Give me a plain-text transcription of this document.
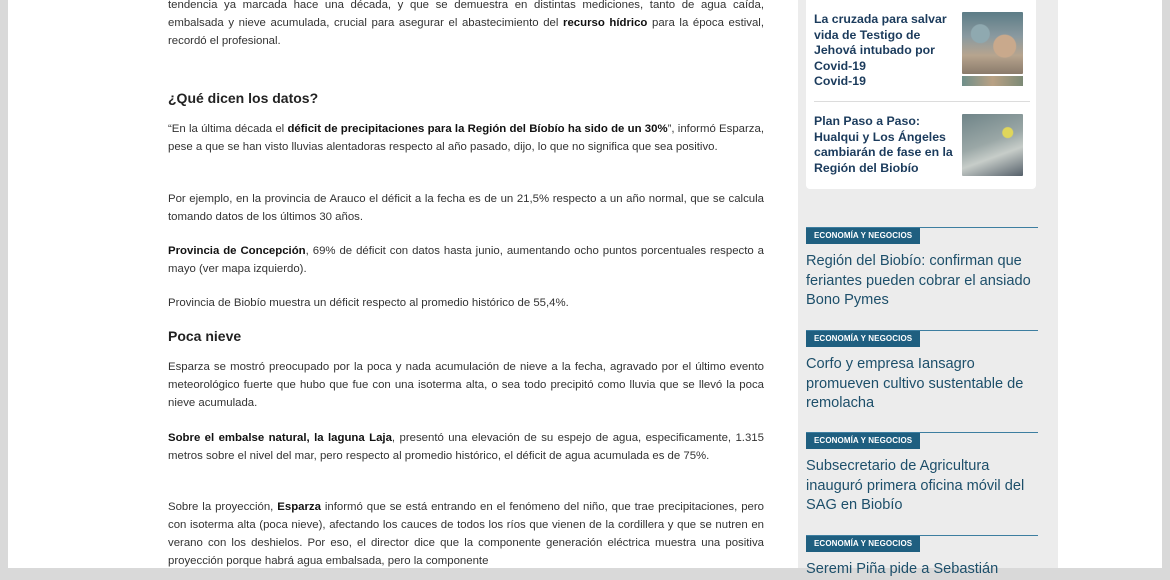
tendencia ya marcada hace una década, y que se demuestra en distintas mediciones, tanto de agua caída, embalsada y nieve acumulada, crucial para asegurar el abastecimiento del recurso hídrico para la época estival, recordó el profesional.

¿Qué dicen los datos?

“En la última década el déficit de precipitaciones para la Región del Bíobío ha sido de un 30%”, informó Esparza, pese a que se han visto lluvias alentadoras respecto al año pasado, dijo, lo que no significa que sea positivo.

Por ejemplo, en la provincia de Arauco el déficit a la fecha es de un 21,5% respecto a un año normal, que se calcula tomando datos de los últimos 30 años.

Provincia de Concepción, 69% de déficit con datos hasta junio, aumentando ocho puntos porcentuales respecto a mayo (ver mapa izquierdo).

Provincia de Biobío muestra un déficit respecto al promedio histórico de 55,4%.

Poca nieve

Esparza se mostró preocupado por la poca y nada acumulación de nieve a la fecha, agravado por el último evento meteorológico fuerte que hubo que fue con una isoterma alta, o sea todo precipitó como lluvia que se llevó la poca nieve acumulada.

Sobre el embalse natural, la laguna Laja, presentó una elevación de su espejo de agua, especificamente, 1.315 metros sobre el nivel del mar, pero respecto al promedio histórico, el déficit de agua acumulada es de 75%.

Sobre la proyección, Esparza informó que se está entrando en el fenómeno del niño, que trae precipitaciones, pero con isoterma alta (poca nieve), afectando los cauces de todos los ríos que vienen de la cordillera y que se nutren en verano con los deshielos. Por eso, el director dice que la componente generación eléctrica muestra una positiva proyección porque habrá agua embalsada, pero la componente

La cruzada para salvar vida de Testigo de Jehová intubado por Covid-19
Covid-19
Plan Paso a Paso: Hualqui y Los Ángeles cambiarán de fase en la Región del Biobío
ECONOMÍA Y NEGOCIOS
Región del Biobío: confirman que feriantes pueden cobrar el ansiado Bono Pymes
ECONOMÍA Y NEGOCIOS
Corfo y empresa Iansagro promueven cultivo sustentable de remolacha
ECONOMÍA Y NEGOCIOS
Subsecretario de Agricultura inauguró primera oficina móvil del SAG en Biobío
ECONOMÍA Y NEGOCIOS
Seremi Piña pide a Sebastián
